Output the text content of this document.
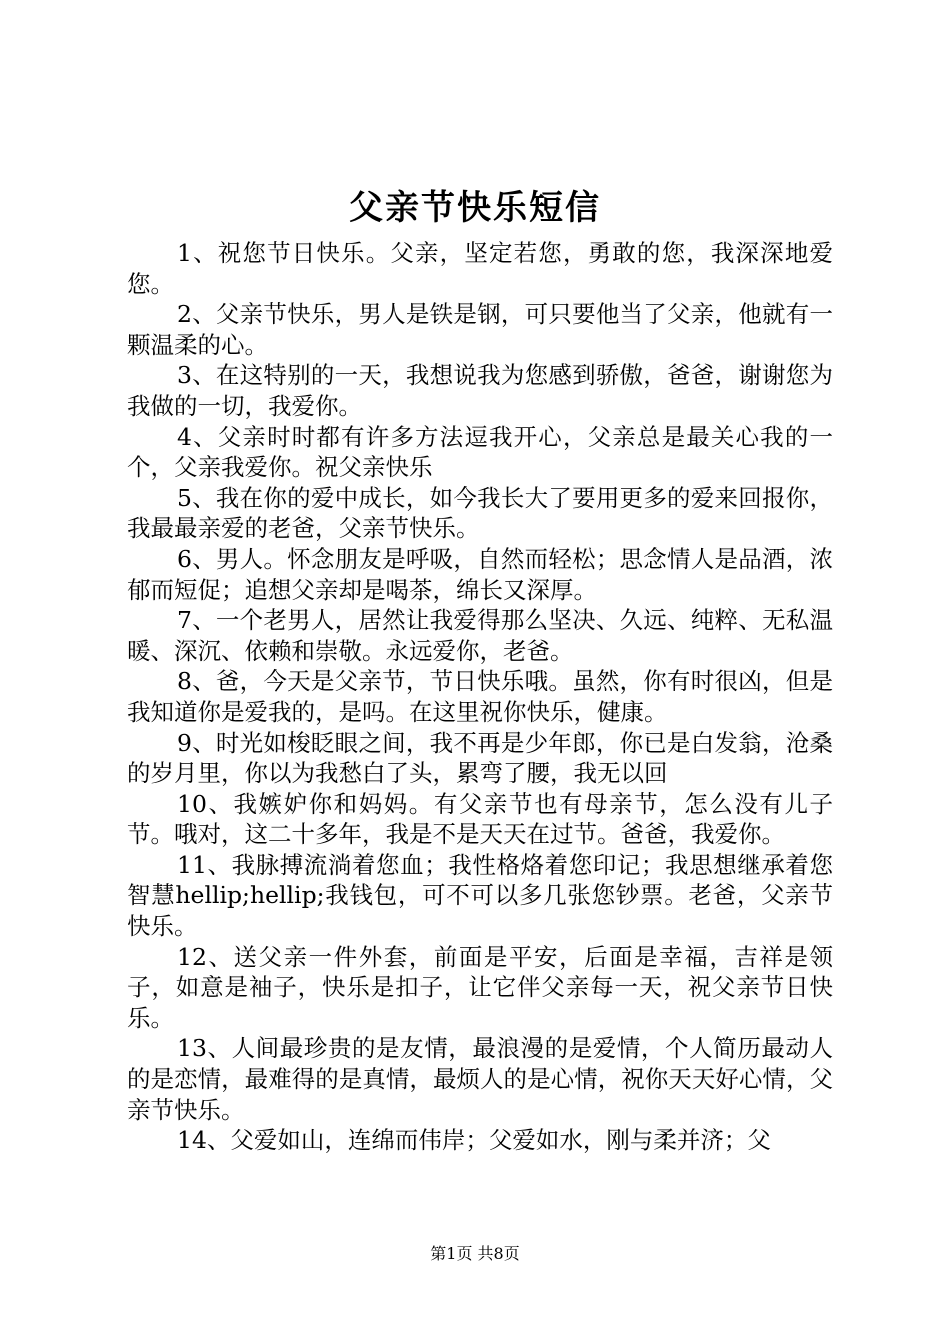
父亲节快乐短信

1、祝您节日快乐。父亲，坚定若您，勇敢的您，我深深地爱您。

2、父亲节快乐，男人是铁是钢，可只要他当了父亲，他就有一颗温柔的心。

3、在这特别的一天，我想说我为您感到骄傲，爸爸，谢谢您为我做的一切，我爱你。

4、父亲时时都有许多方法逗我开心，父亲总是最关心我的一个，父亲我爱你。祝父亲快乐

5、我在你的爱中成长，如今我长大了要用更多的爱来回报你，我最最亲爱的老爸，父亲节快乐。

6、男人。怀念朋友是呼吸，自然而轻松；思念情人是品酒，浓郁而短促；追想父亲却是喝茶，绵长又深厚。

7、一个老男人，居然让我爱得那么坚决、久远、纯粹、无私温暖、深沉、依赖和崇敬。永远爱你，老爸。

8、爸，今天是父亲节，节日快乐哦。虽然，你有时很凶，但是我知道你是爱我的，是吗。在这里祝你快乐，健康。

9、时光如梭眨眼之间，我不再是少年郎，你已是白发翁，沧桑的岁月里，你以为我愁白了头，累弯了腰，我无以回

10、我嫉妒你和妈妈。有父亲节也有母亲节，怎么没有儿子节。哦对，这二十多年，我是不是天天在过节。爸爸，我爱你。

11、我脉搏流淌着您血；我性格烙着您印记；我思想继承着您智慧hellip;hellip;我钱包，可不可以多几张您钞票。老爸，父亲节快乐。

12、送父亲一件外套，前面是平安，后面是幸福，吉祥是领子，如意是袖子，快乐是扣子，让它伴父亲每一天，祝父亲节日快乐。

13、人间最珍贵的是友情，最浪漫的是爱情，个人简历最动人的是恋情，最难得的是真情，最烦人的是心情，祝你天天好心情，父亲节快乐。

14、父爱如山，连绵而伟岸；父爱如水，刚与柔并济；父

第1页 共8页
